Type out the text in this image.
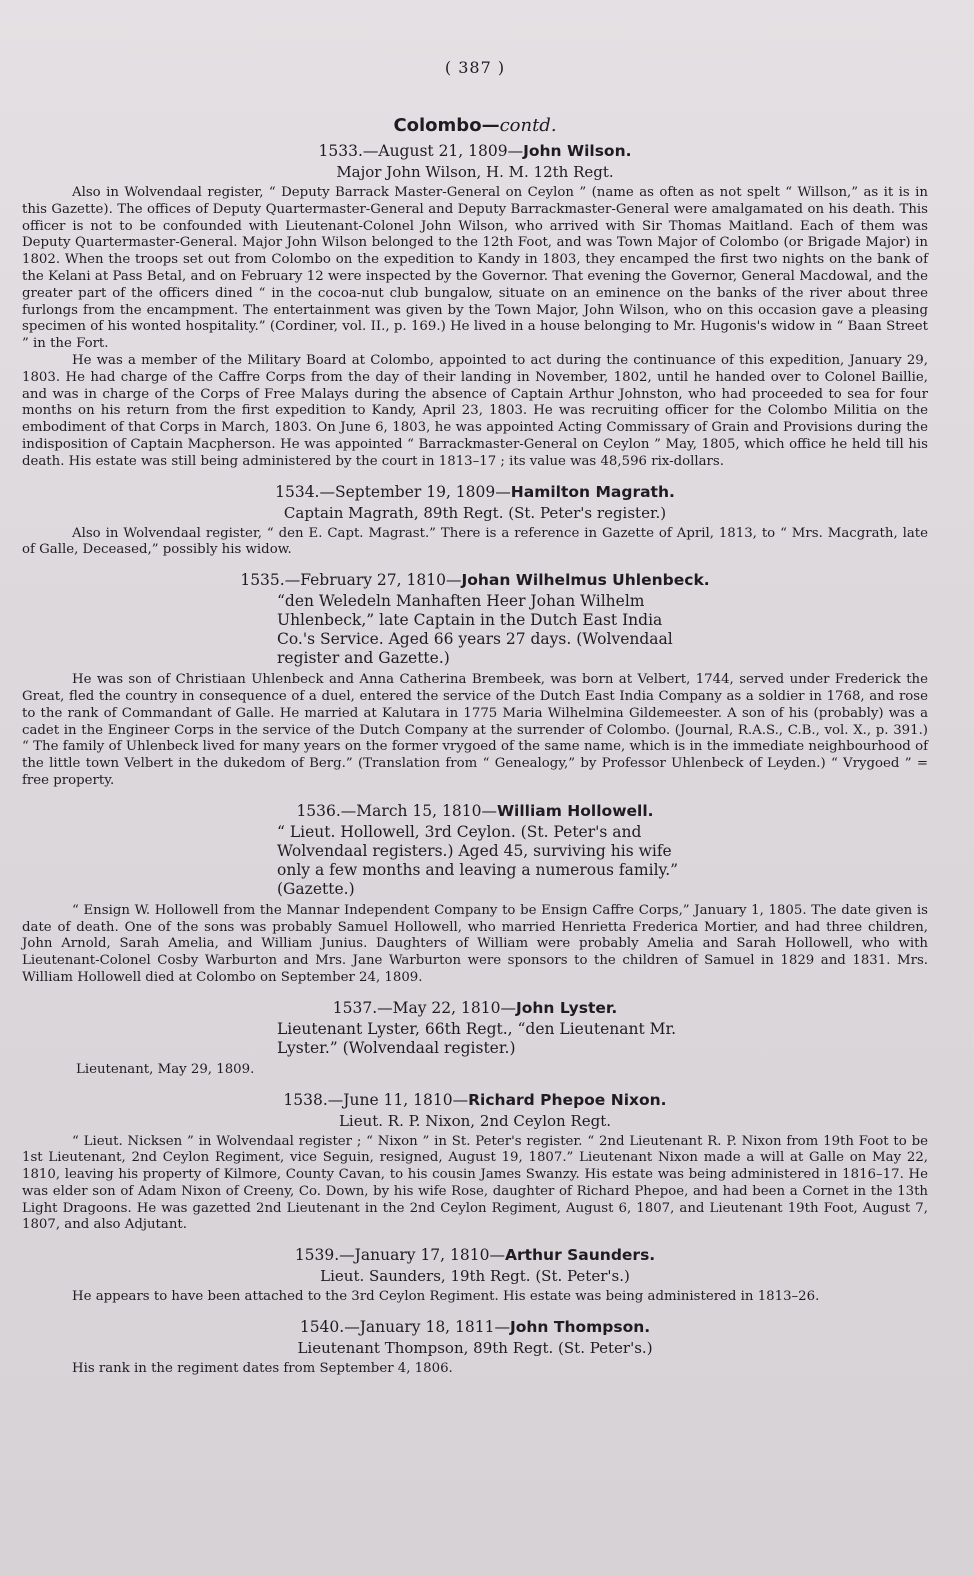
( 387 )
Colombo—contd.
1533.—August 21, 1809—John Wilson.
Major John Wilson, H. M. 12th Regt.

Also in Wolvendaal register, “ Deputy Barrack Master-General on Ceylon ” (name as often as not spelt “ Willson,” as it is in this Gazette). The offices of Deputy Quartermaster-General and Deputy Barrackmaster-General were amalgamated on his death. This officer is not to be confounded with Lieutenant-Colonel John Wilson, who arrived with Sir Thomas Maitland. Each of them was Deputy Quartermaster-General. Major John Wilson belonged to the 12th Foot, and was Town Major of Colombo (or Brigade Major) in 1802. When the troops set out from Colombo on the expedition to Kandy in 1803, they encamped the first two nights on the bank of the Kelani at Pass Betal, and on February 12 were inspected by the Governor. That evening the Governor, General Macdowal, and the greater part of the officers dined “ in the cocoa-nut club bungalow, situate on an eminence on the banks of the river about three furlongs from the encampment. The entertainment was given by the Town Major, John Wilson, who on this occasion gave a pleasing specimen of his wonted hospitality.” (Cordiner, vol. II., p. 169.) He lived in a house belonging to Mr. Hugonis's widow in “ Baan Street ” in the Fort.

He was a member of the Military Board at Colombo, appointed to act during the continuance of this expedition, January 29, 1803. He had charge of the Caffre Corps from the day of their landing in November, 1802, until he handed over to Colonel Baillie, and was in charge of the Corps of Free Malays during the absence of Captain Arthur Johnston, who had proceeded to sea for four months on his return from the first expedition to Kandy, April 23, 1803. He was recruiting officer for the Colombo Militia on the embodiment of that Corps in March, 1803. On June 6, 1803, he was appointed Acting Commissary of Grain and Provisions during the indisposition of Captain Macpherson. He was appointed “ Barrackmaster-General on Ceylon ” May, 1805, which office he held till his death. His estate was still being administered by the court in 1813–17 ; its value was 48,596 rix-dollars.

1534.—September 19, 1809—Hamilton Magrath.
Captain Magrath, 89th Regt. (St. Peter's register.)

Also in Wolvendaal register, “ den E. Capt. Magrast.” There is a reference in Gazette of April, 1813, to “ Mrs. Macgrath, late of Galle, Deceased,” possibly his widow.

1535.—February 27, 1810—Johan Wilhelmus Uhlenbeck.
“den Weledeln Manhaften Heer Johan Wilhelm Uhlenbeck,” late Captain in the Dutch East India Co.'s Service. Aged 66 years 27 days. (Wolvendaal register and Gazette.)

He was son of Christiaan Uhlenbeck and Anna Catherina Brembeek, was born at Velbert, 1744, served under Frederick the Great, fled the country in consequence of a duel, entered the service of the Dutch East India Company as a soldier in 1768, and rose to the rank of Commandant of Galle. He married at Kalutara in 1775 Maria Wilhelmina Gildemeester. A son of his (probably) was a cadet in the Engineer Corps in the service of the Dutch Company at the surrender of Colombo. (Journal, R.A.S., C.B., vol. X., p. 391.) “ The family of Uhlenbeck lived for many years on the former vrygoed of the same name, which is in the immediate neighbourhood of the little town Velbert in the dukedom of Berg.” (Translation from “ Genealogy,” by Professor Uhlenbeck of Leyden.) “ Vrygoed ” = free property.

1536.—March 15, 1810—William Hollowell.
“ Lieut. Hollowell, 3rd Ceylon. (St. Peter's and Wolvendaal registers.) Aged 45, surviving his wife only a few months and leaving a numerous family.” (Gazette.)

“ Ensign W. Hollowell from the Mannar Independent Company to be Ensign Caffre Corps,” January 1, 1805. The date given is date of death. One of the sons was probably Samuel Hollowell, who married Henrietta Frederica Mortier, and had three children, John Arnold, Sarah Amelia, and William Junius. Daughters of William were probably Amelia and Sarah Hollowell, who with Lieutenant-Colonel Cosby Warburton and Mrs. Jane Warburton were sponsors to the children of Samuel in 1829 and 1831. Mrs. William Hollowell died at Colombo on September 24, 1809.

1537.—May 22, 1810—John Lyster.
Lieutenant Lyster, 66th Regt., “den Lieutenant Mr. Lyster.” (Wolvendaal register.)

Lieutenant, May 29, 1809.

1538.—June 11, 1810—Richard Phepoe Nixon.
Lieut. R. P. Nixon, 2nd Ceylon Regt.

“ Lieut. Nicksen ” in Wolvendaal register ; “ Nixon ” in St. Peter's register. “ 2nd Lieutenant R. P. Nixon from 19th Foot to be 1st Lieutenant, 2nd Ceylon Regiment, vice Seguin, resigned, August 19, 1807.” Lieutenant Nixon made a will at Galle on May 22, 1810, leaving his property of Kilmore, County Cavan, to his cousin James Swanzy. His estate was being administered in 1816–17. He was elder son of Adam Nixon of Creeny, Co. Down, by his wife Rose, daughter of Richard Phepoe, and had been a Cornet in the 13th Light Dragoons. He was gazetted 2nd Lieutenant in the 2nd Ceylon Regiment, August 6, 1807, and Lieutenant 19th Foot, August 7, 1807, and also Adjutant.

1539.—January 17, 1810—Arthur Saunders.
Lieut. Saunders, 19th Regt. (St. Peter's.)

He appears to have been attached to the 3rd Ceylon Regiment. His estate was being administered in 1813–26.

1540.—January 18, 1811—John Thompson.
Lieutenant Thompson, 89th Regt. (St. Peter's.)

His rank in the regiment dates from September 4, 1806.
